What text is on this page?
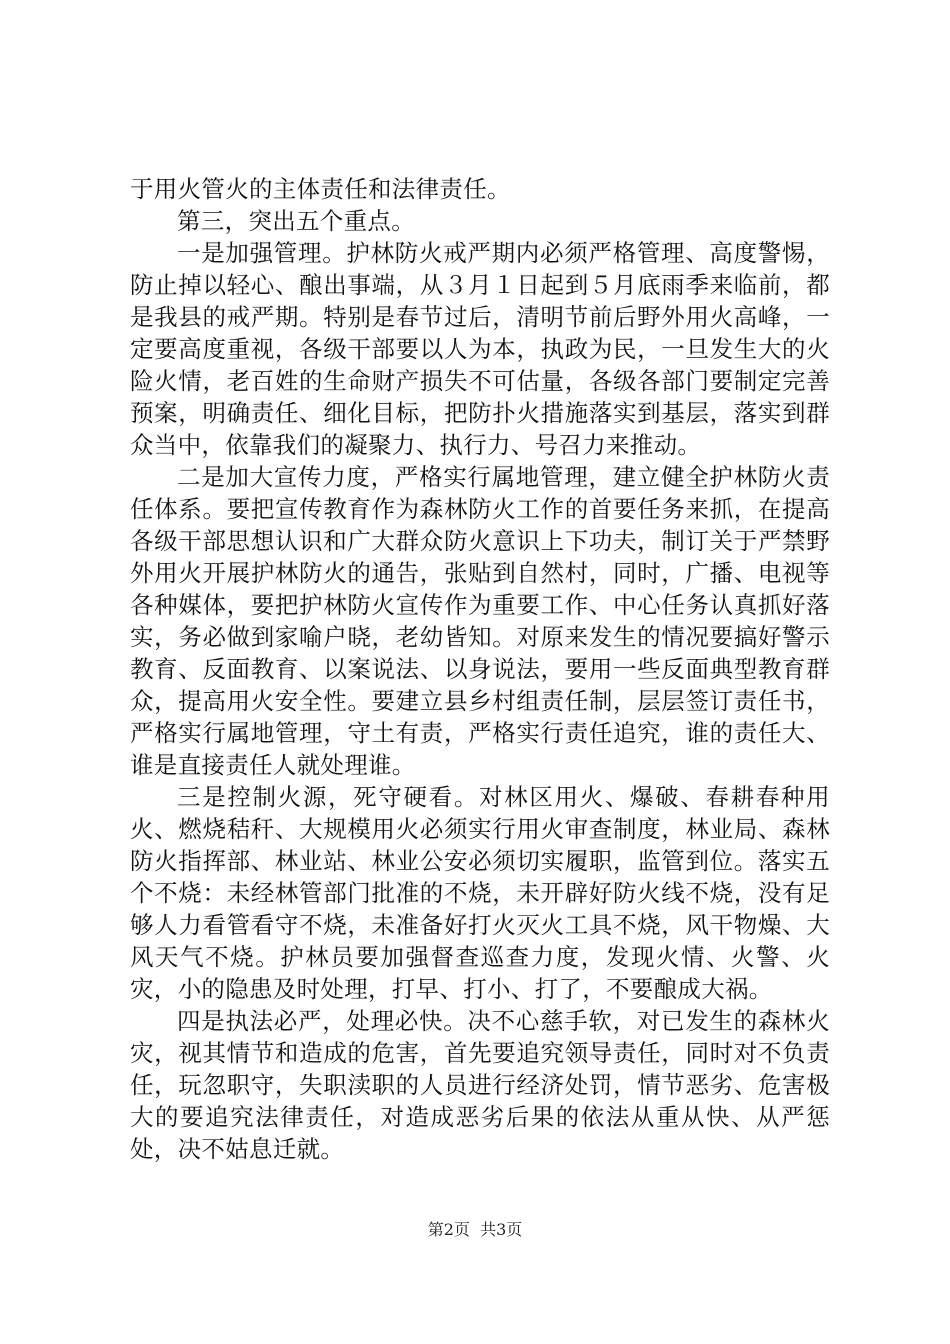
于用火管火的主体责任和法律责任。

第三，突出五个重点。

一是加强管理。护林防火戒严期内必须严格管理、高度警惕，防止掉以轻心、酿出事端，从３月１日起到５月底雨季来临前，都是我县的戒严期。特别是春节过后，清明节前后野外用火高峰，一定要高度重视，各级干部要以人为本，执政为民，一旦发生大的火险火情，老百姓的生命财产损失不可估量，各级各部门要制定完善预案，明确责任、细化目标，把防扑火措施落实到基层，落实到群众当中，依靠我们的凝聚力、执行力、号召力来推动。

二是加大宣传力度，严格实行属地管理，建立健全护林防火责任体系。要把宣传教育作为森林防火工作的首要任务来抓，在提高各级干部思想认识和广大群众防火意识上下功夫，制订关于严禁野外用火开展护林防火的通告，张贴到自然村，同时，广播、电视等各种媒体，要把护林防火宣传作为重要工作、中心任务认真抓好落实，务必做到家喻户晓，老幼皆知。对原来发生的情况要搞好警示教育、反面教育、以案说法、以身说法，要用一些反面典型教育群众，提高用火安全性。要建立县乡村组责任制，层层签订责任书，严格实行属地管理，守土有责，严格实行责任追究，谁的责任大、谁是直接责任人就处理谁。

三是控制火源，死守硬看。对林区用火、爆破、春耕春种用火、燃烧秸秆、大规模用火必须实行用火审查制度，林业局、森林防火指挥部、林业站、林业公安必须切实履职，监管到位。落实五个不烧：未经林管部门批准的不烧，未开辟好防火线不烧，没有足够人力看管看守不烧，未准备好打火灭火工具不烧，风干物燥、大风天气不烧。护林员要加强督查巡查力度，发现火情、火警、火灾，小的隐患及时处理，打早、打小、打了，不要酿成大祸。

四是执法必严，处理必快。决不心慈手软，对已发生的森林火灾，视其情节和造成的危害，首先要追究领导责任，同时对不负责任，玩忽职守，失职渎职的人员进行经济处罚，情节恶劣、危害极大的要追究法律责任，对造成恶劣后果的依法从重从快、从严惩处，决不姑息迁就。

第2页  共3页
